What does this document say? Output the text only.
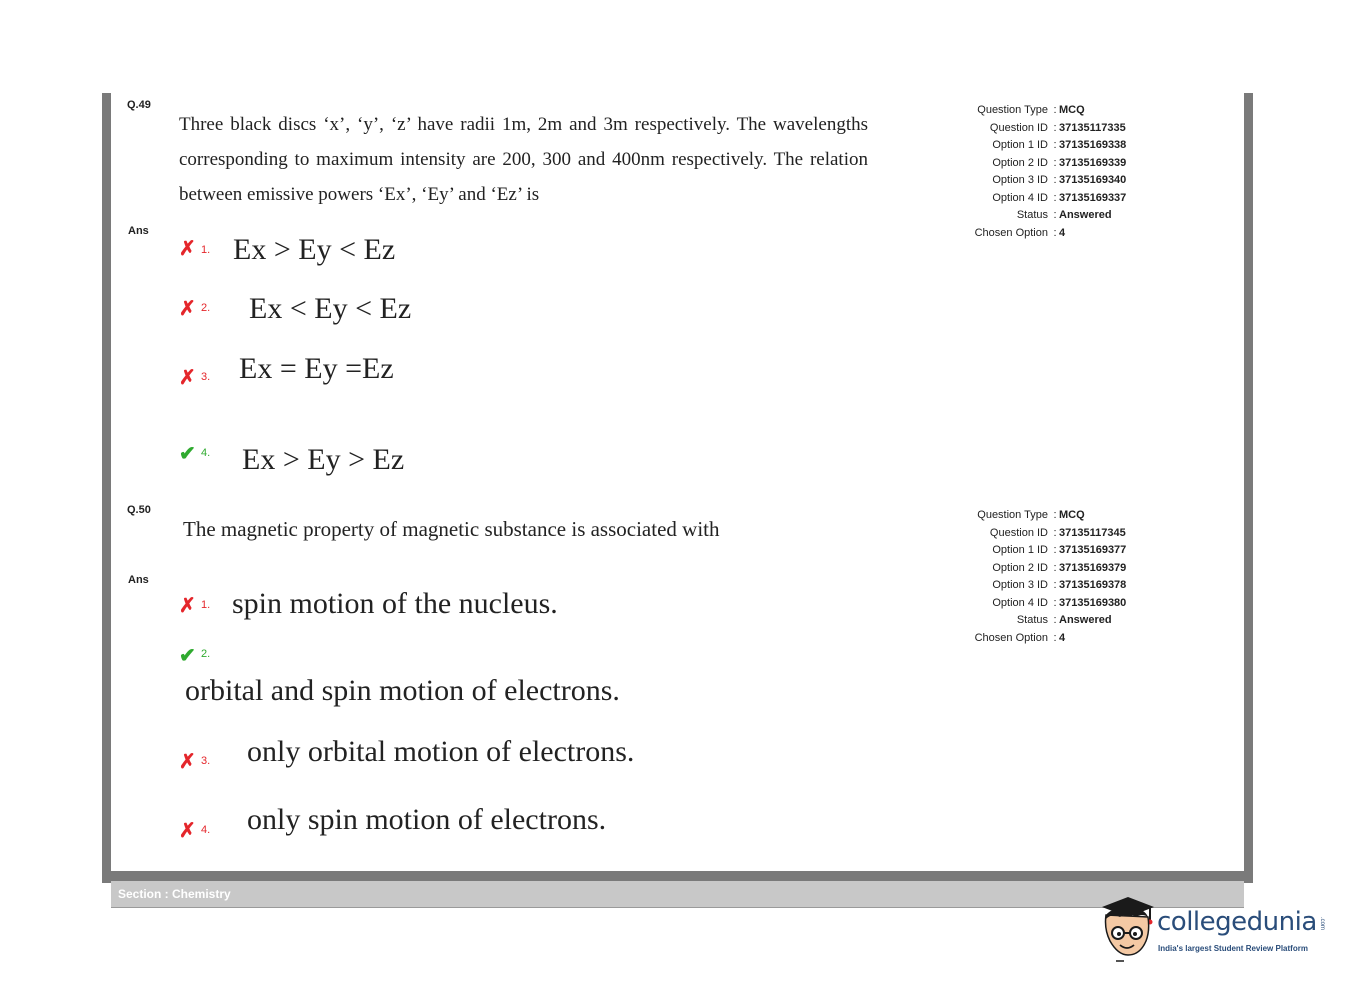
Section : Chemistry
Q.49
Three black discs ‘x’, ‘y’, ‘z’ have radii 1m, 2m and 3m respectively. The wavelengths corresponding to maximum intensity are 200, 300 and 400nm respectively. The relation between emissive powers ‘Ex’, ‘Ey’ and ‘Ez’ is
Ans
✗ 1. Ex > Ey < Ez
✗ 2. Ex < Ey < Ez
✗ 3. Ex = Ey =Ez
✔ 4. Ex > Ey > Ez
Question Type : MCQ
Question ID : 37135117335
Option 1 ID : 37135169338
Option 2 ID : 37135169339
Option 3 ID : 37135169340
Option 4 ID : 37135169337
Status : Answered
Chosen Option : 4
Q.50
The magnetic property of magnetic substance is associated with
Ans
✗ 1. spin motion of the nucleus.
✔ 2.
orbital and spin motion of electrons.
✗ 3. only orbital motion of electrons.
✗ 4. only spin motion of electrons.
Question Type : MCQ
Question ID : 37135117345
Option 1 ID : 37135169377
Option 2 ID : 37135169379
Option 3 ID : 37135169378
Option 4 ID : 37135169380
Status : Answered
Chosen Option : 4
collegedunia .com
India's largest Student Review Platform
